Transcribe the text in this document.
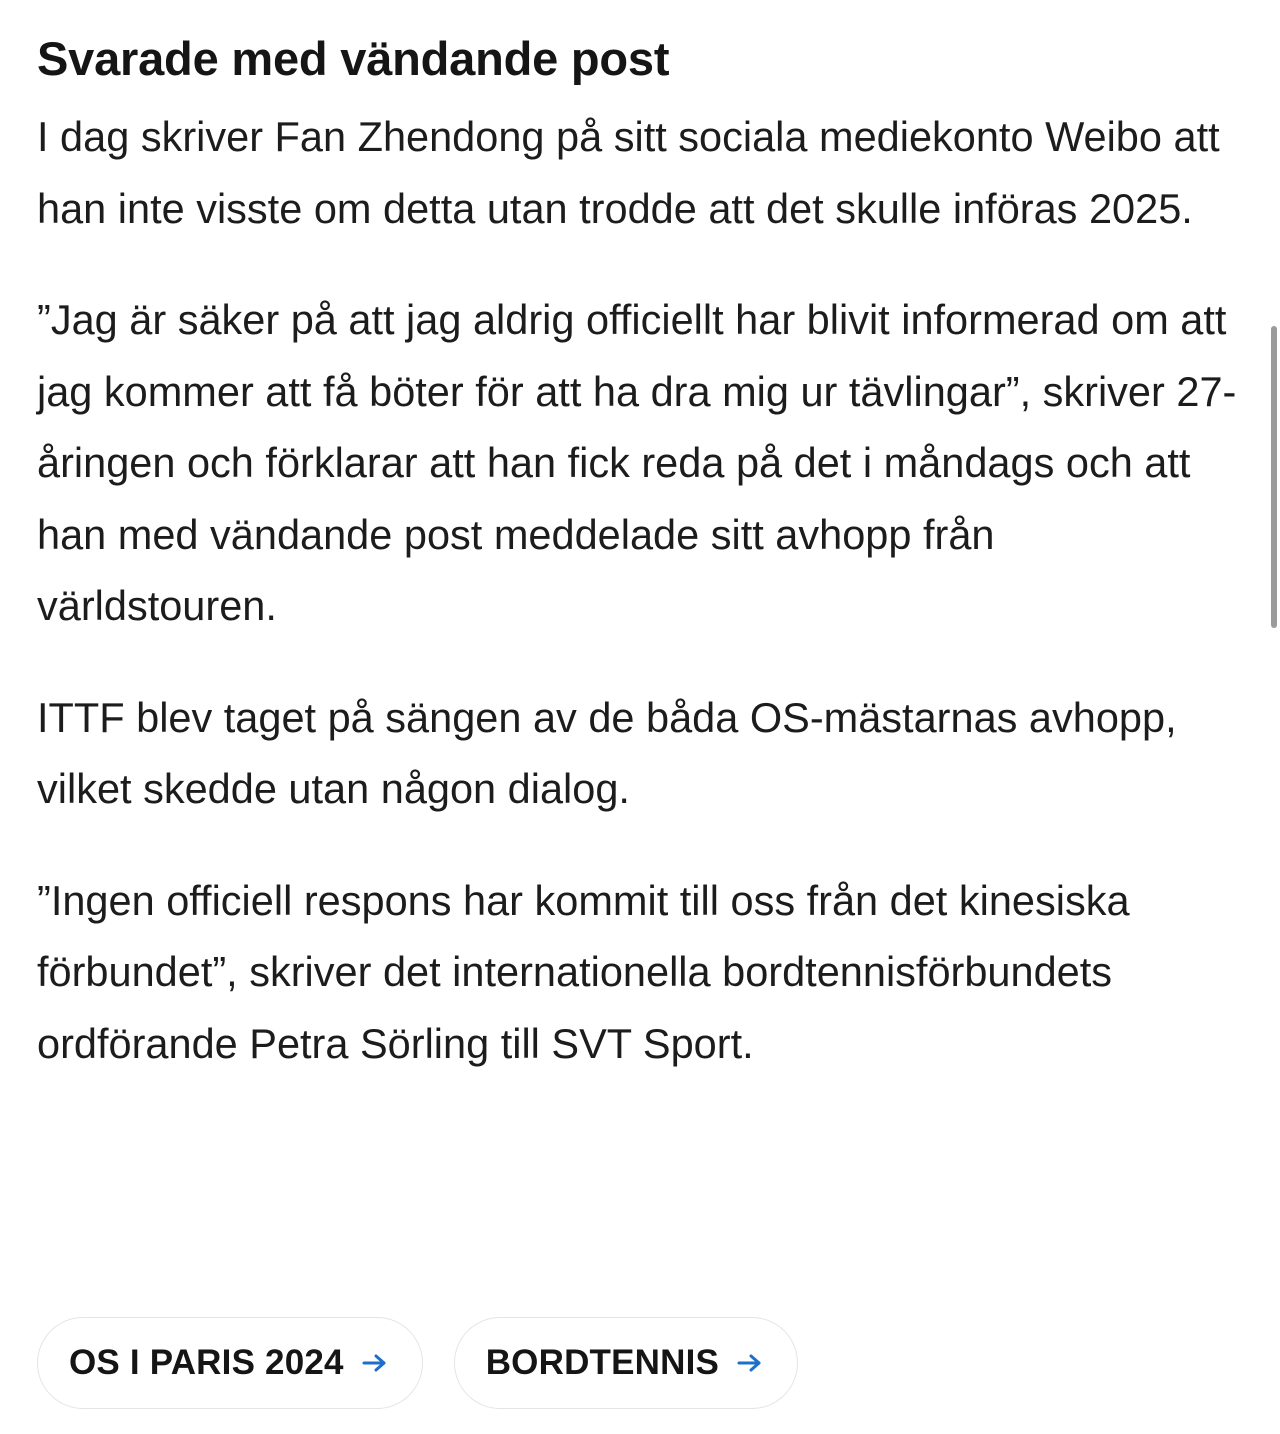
Svarade med vändande post

I dag skriver Fan Zhendong på sitt sociala mediekonto Weibo att han inte visste om detta utan trodde att det skulle införas 2025.

”Jag är säker på att jag aldrig officiellt har blivit informerad om att jag kommer att få böter för att ha dra mig ur tävlingar”, skriver 27-åringen och förklarar att han fick reda på det i måndags och att han med vändande post meddelade sitt avhopp från världstouren.

ITTF blev taget på sängen av de båda OS-mästarnas avhopp, vilket skedde utan någon dialog.

”Ingen officiell respons har kommit till oss från det kinesiska förbundet”, skriver det internationella bordtennisförbundets ordförande Petra Sörling till SVT Sport.

OS I PARIS 2024	BORDTENNIS
